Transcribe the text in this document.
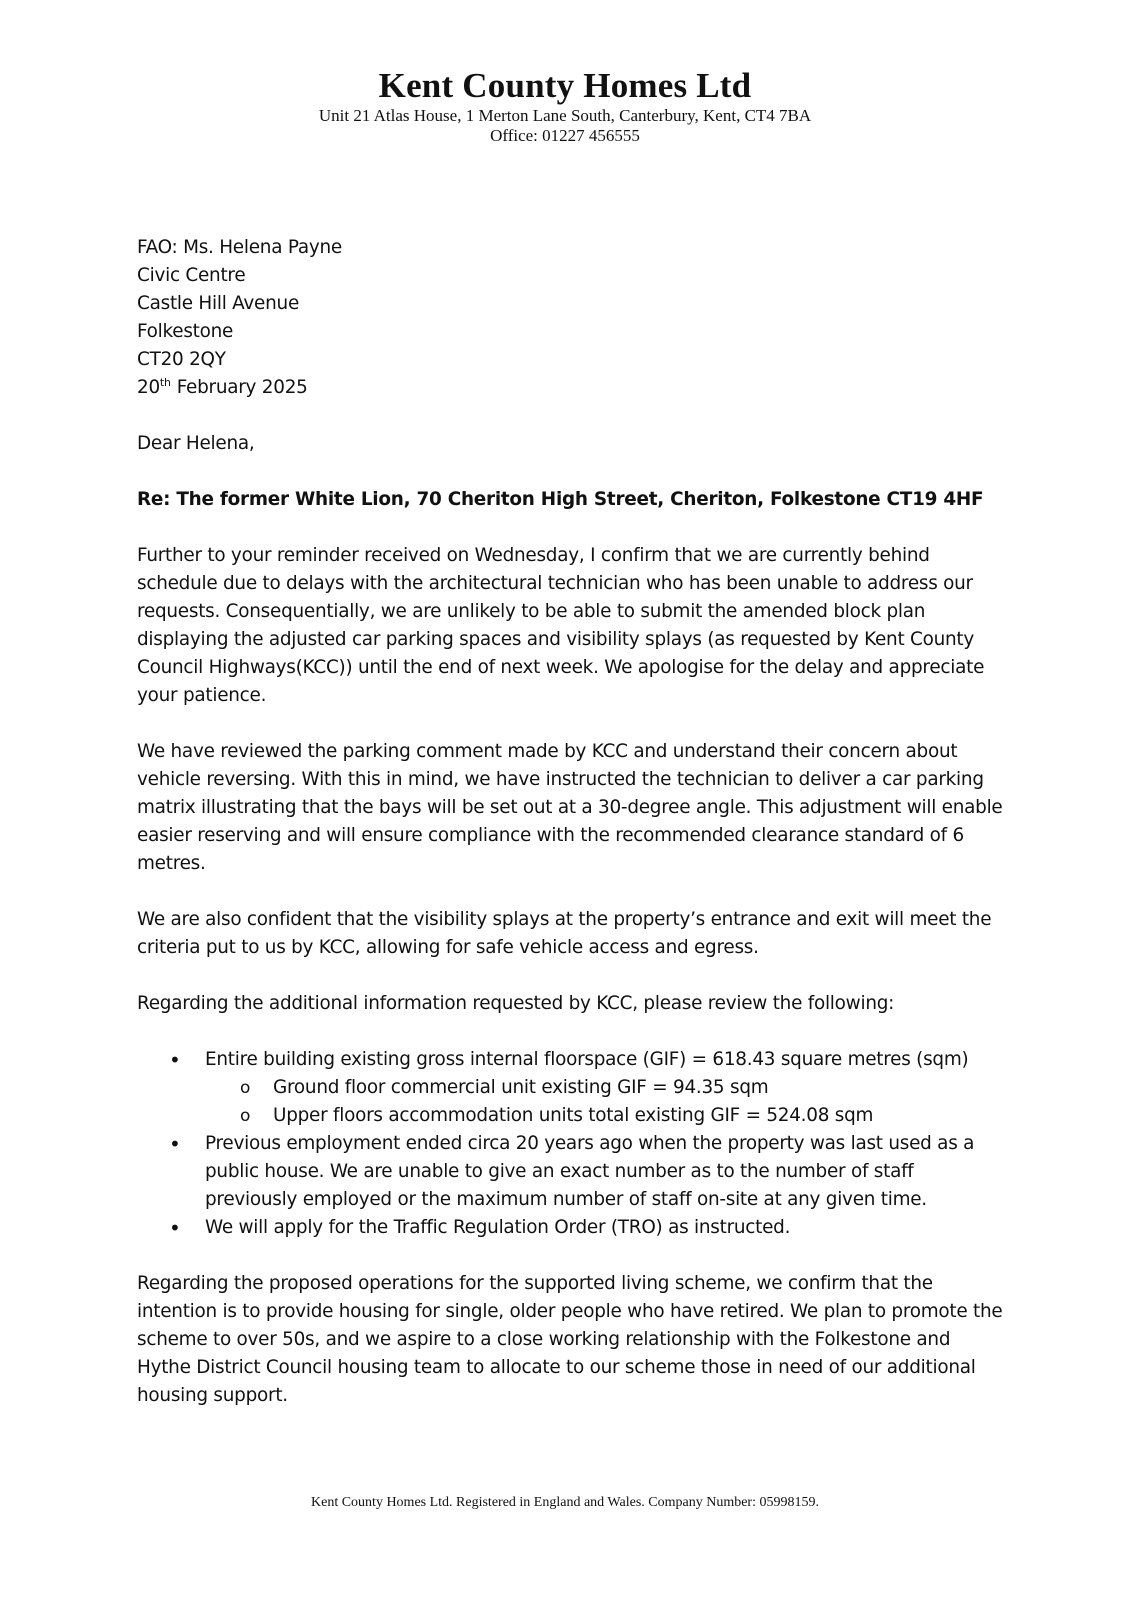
Kent County Homes Ltd
Unit 21 Atlas House, 1 Merton Lane South, Canterbury, Kent, CT4 7BA
Office: 01227 456555
FAO: Ms. Helena Payne
Civic Centre
Castle Hill Avenue
Folkestone
CT20 2QY
20th February 2025

Dear Helena,

Re: The former White Lion, 70 Cheriton High Street, Cheriton, Folkestone CT19 4HF

Further to your reminder received on Wednesday, I confirm that we are currently behind schedule due to delays with the architectural technician who has been unable to address our requests. Consequentially, we are unlikely to be able to submit the amended block plan displaying the adjusted car parking spaces and visibility splays (as requested by Kent County Council Highways(KCC)) until the end of next week. We apologise for the delay and appreciate your patience.

We have reviewed the parking comment made by KCC and understand their concern about vehicle reversing. With this in mind, we have instructed the technician to deliver a car parking matrix illustrating that the bays will be set out at a 30-degree angle. This adjustment will enable easier reserving and will ensure compliance with the recommended clearance standard of 6 metres.

We are also confident that the visibility splays at the property’s entrance and exit will meet the criteria put to us by KCC, allowing for safe vehicle access and egress.

Regarding the additional information requested by KCC, please review the following:

• Entire building existing gross internal floorspace (GIF) = 618.43 square metres (sqm)
o Ground floor commercial unit existing GIF = 94.35 sqm
o Upper floors accommodation units total existing GIF = 524.08 sqm
• Previous employment ended circa 20 years ago when the property was last used as a public house. We are unable to give an exact number as to the number of staff previously employed or the maximum number of staff on-site at any given time.
• We will apply for the Traffic Regulation Order (TRO) as instructed.

Regarding the proposed operations for the supported living scheme, we confirm that the intention is to provide housing for single, older people who have retired. We plan to promote the scheme to over 50s, and we aspire to a close working relationship with the Folkestone and Hythe District Council housing team to allocate to our scheme those in need of our additional housing support.

Kent County Homes Ltd. Registered in England and Wales. Company Number: 05998159.
